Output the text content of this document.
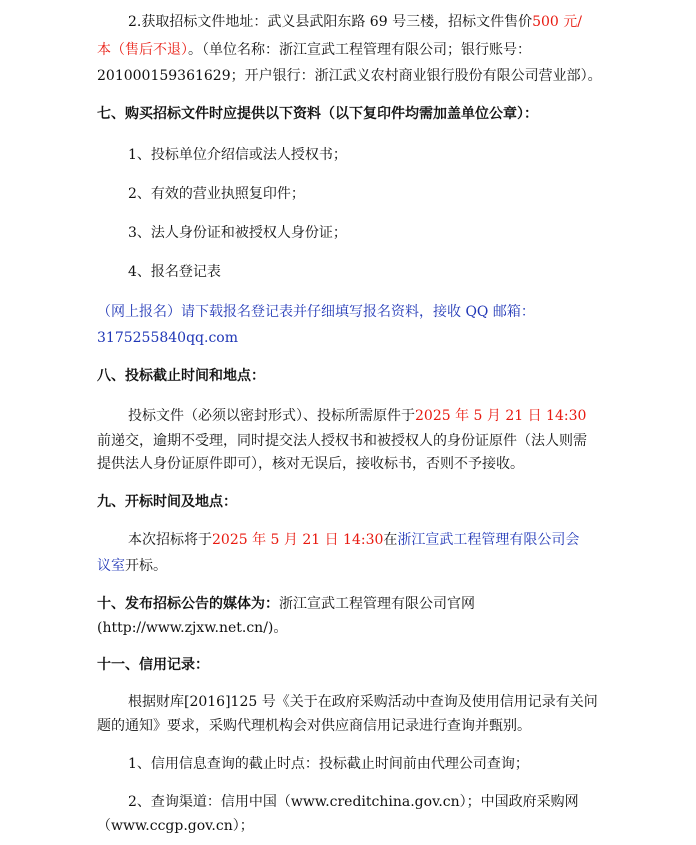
2.获取招标文件地址：武义县武阳东路 69 号三楼，招标文件售价500 元/
本（售后不退）。（单位名称：浙江宣武工程管理有限公司；银行账号：
201000159361629；开户银行：浙江武义农村商业银行股份有限公司营业部）。
七、购买招标文件时应提供以下资料（以下复印件均需加盖单位公章）：
1、投标单位介绍信或法人授权书；
2、有效的营业执照复印件；
3、法人身份证和被授权人身份证；
4、报名登记表
（网上报名）请下载报名登记表并仔细填写报名资料，接收 QQ 邮箱：
3175255840qq.com
八、投标截止时间和地点：
投标文件（必须以密封形式）、投标所需原件于2025 年 5 月 21 日 14:30
前递交，逾期不受理，同时提交法人授权书和被授权人的身份证原件（法人则需
提供法人身份证原件即可），核对无误后，接收标书，否则不予接收。
九、开标时间及地点：
本次招标将于2025 年 5 月 21 日 14:30在浙江宣武工程管理有限公司会
议室开标。
十、发布招标公告的媒体为：浙江宣武工程管理有限公司官网
(http://www.zjxw.net.cn/)。
十一、信用记录：
根据财库[2016]125 号《关于在政府采购活动中查询及使用信用记录有关问
题的通知》要求，采购代理机构会对供应商信用记录进行查询并甄别。
1、信用信息查询的截止时点：投标截止时间前由代理公司查询；
2、查询渠道：信用中国（www.creditchina.gov.cn）；中国政府采购网
（www.ccgp.gov.cn）；
